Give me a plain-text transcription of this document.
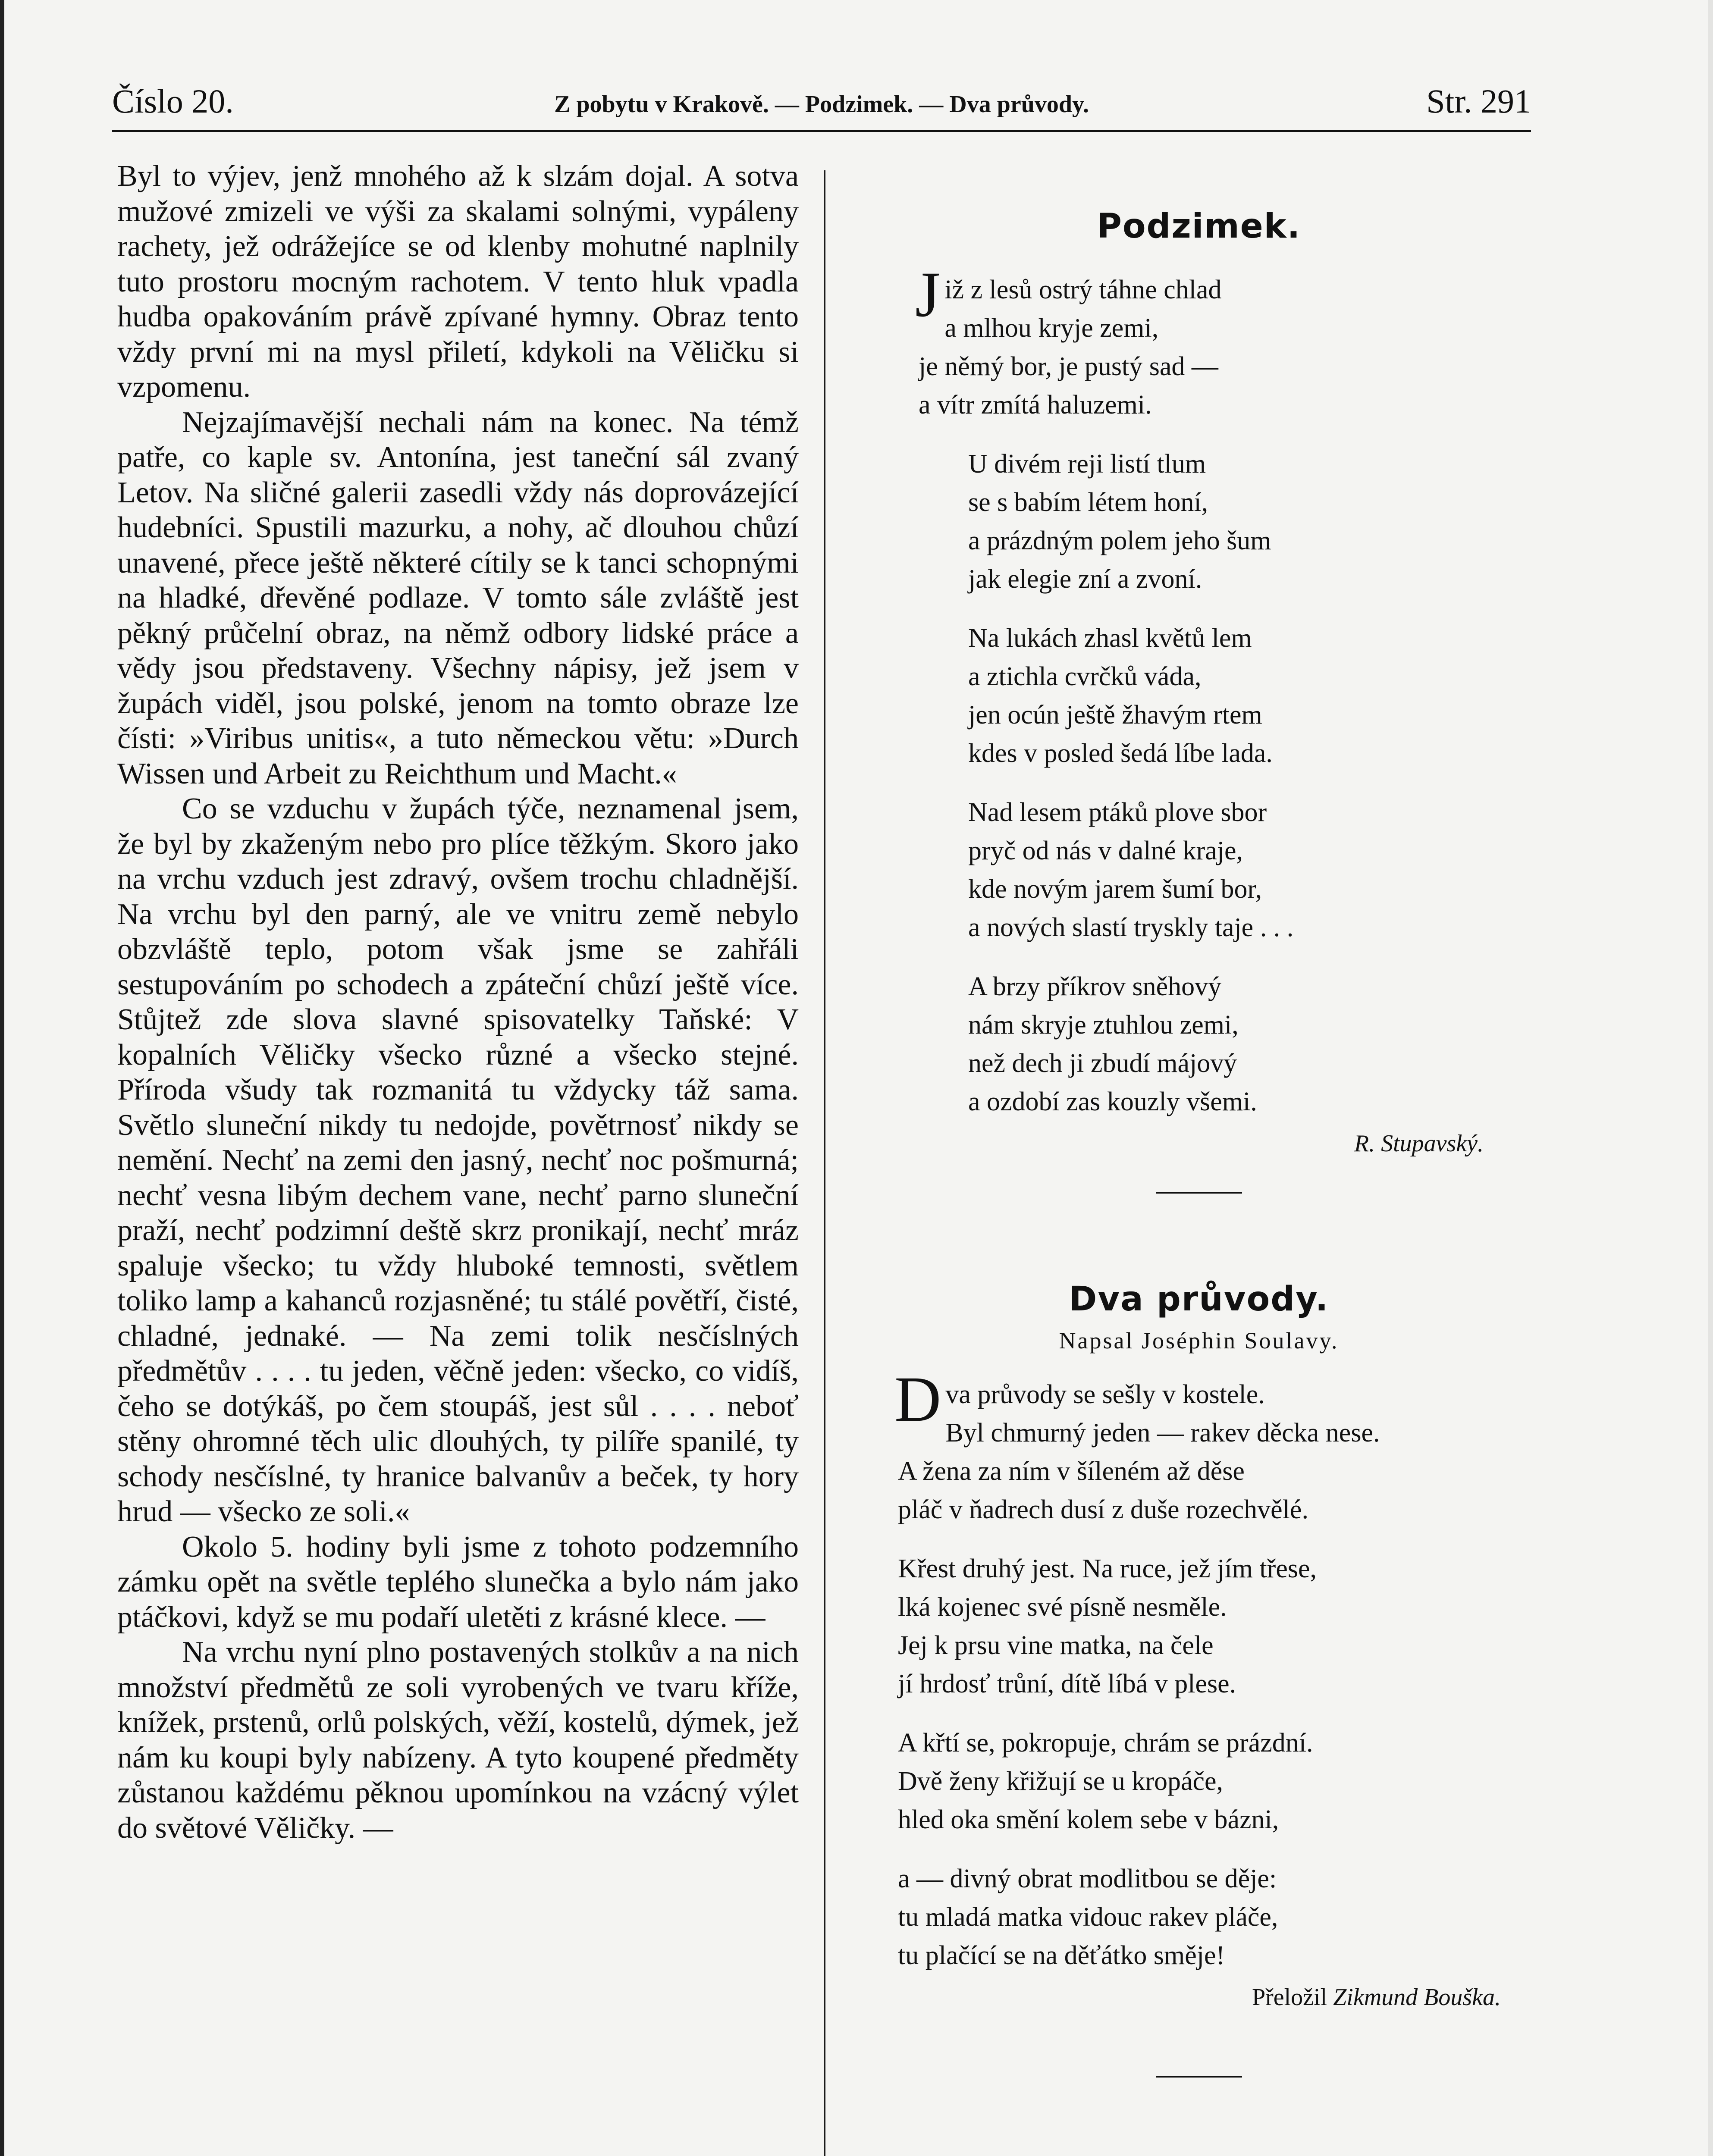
Číslo 20.	Z pobytu v Krakově. — Podzimek. — Dva průvody.	Str. 291

Byl to výjev, jenž mnohého až k slzám dojal. A sotva mužové zmizeli ve výši za skalami solnými, vypáleny rachety, jež odrážejíce se od klenby mohutné naplnily tuto prostoru mocným rachotem. V tento hluk vpadla hudba opakováním právě zpívané hymny. Obraz tento vždy první mi na mysl přiletí, kdykoli na Věličku si vzpomenu.

Nejzajímavější nechali nám na konec. Na témž patře, co kaple sv. Antonína, jest taneční sál zvaný Letov. Na sličné galerii zasedli vždy nás doprovázející hudebníci. Spustili mazurku, a nohy, ač dlouhou chůzí unavené, přece ještě některé cítily se k tanci schopnými na hladké, dřevěné podlaze. V tomto sále zvláště jest pěkný průčelní obraz, na němž odbory lidské práce a vědy jsou představeny. Všechny nápisy, jež jsem v župách viděl, jsou polské, jenom na tomto obraze lze čísti: »Viribus unitis«, a tuto německou větu: »Durch Wissen und Arbeit zu Reichthum und Macht.«

Co se vzduchu v župách týče, neznamenal jsem, že byl by zkaženým nebo pro plíce těžkým. Skoro jako na vrchu vzduch jest zdravý, ovšem trochu chladnější. Na vrchu byl den parný, ale ve vnitru země nebylo obzvláště teplo, potom však jsme se zahřáli sestupováním po schodech a zpáteční chůzí ještě více. Stůjtež zde slova slavné spisovatelky Taňské: V kopalních Věličky všecko různé a všecko stejné. Příroda všudy tak rozmanitá tu vždycky táž sama. Světlo sluneční nikdy tu nedojde, povětrnosť nikdy se nemění. Nechť na zemi den jasný, nechť noc pošmurná; nechť vesna libým dechem vane, nechť parno sluneční praží, nechť podzimní deště skrz pronikají, nechť mráz spaluje všecko; tu vždy hluboké temnosti, světlem toliko lamp a kahanců rozjasněné; tu stálé povětří, čisté, chladné, jednaké. — Na zemi tolik nesčíslných předmětův . . . . tu jeden, věčně jeden: všecko, co vidíš, čeho se dotýkáš, po čem stoupáš, jest sůl . . . . neboť stěny ohromné těch ulic dlouhých, ty pilíře spanilé, ty schody nesčíslné, ty hranice balvanův a beček, ty hory hrud — všecko ze soli.«

Okolo 5. hodiny byli jsme z tohoto podzemního zámku opět na světle teplého slunečka a bylo nám jako ptáčkovi, když se mu podaří uletěti z krásné klece. —

Na vrchu nyní plno postavených stolkův a na nich množství předmětů ze soli vyrobených ve tvaru kříže, knížek, prstenů, orlů polských, věží, kostelů, dýmek, jež nám ku koupi byly nabízeny. A tyto koupené předměty zůstanou každému pěknou upomínkou na vzácný výlet do světové Věličky. —

Podzimek.

J iž z lesů ostrý táhne chlad
a mlhou kryje zemi,
je němý bor, je pustý sad —
a vítr zmítá haluzemi.
U divém reji listí tlum
se s babím létem honí,
a prázdným polem jeho šum
jak elegie zní a zvoní.
Na lukách zhasl květů lem
a ztichla cvrčků váda,
jen ocún ještě žhavým rtem
kdes v posled šedá líbe lada.
Nad lesem ptáků plove sbor
pryč od nás v dalné kraje,
kde novým jarem šumí bor,
a nových slastí tryskly taje . . .
A brzy příkrov sněhový
nám skryje ztuhlou zemi,
než dech ji zbudí májový
a ozdobí zas kouzly všemi.

R. Stupavský.

Dva průvody.

Napsal Joséphin Soulavy.

D va průvody se sešly v kostele.
Byl chmurný jeden — rakev děcka nese.
A žena za ním v šíleném až děse
pláč v ňadrech dusí z duše rozechvělé.
Křest druhý jest. Na ruce, jež jím třese,
lká kojenec své písně nesměle.
Jej k prsu vine matka, na čele
jí hrdosť trůní, dítě líbá v plese.
A křtí se, pokropuje, chrám se prázdní.
Dvě ženy křižují se u kropáče,
hled oka smění kolem sebe v bázni,
a — divný obrat modlitbou se děje:
tu mladá matka vidouc rakev pláče,
tu plačící se na děťátko směje!

Přeložil Zikmund Bouška.
